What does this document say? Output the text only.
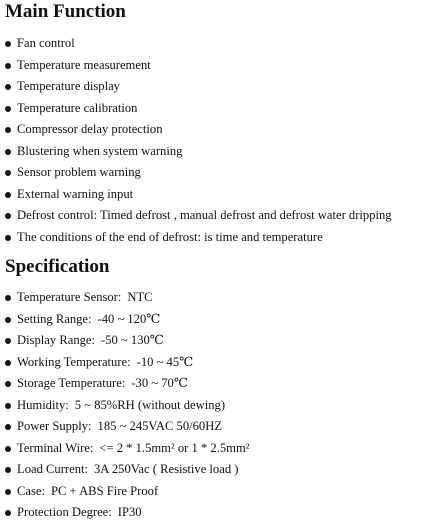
Main Function
Fan control
Temperature measurement
Temperature display
Temperature calibration
Compressor delay protection
Blustering when system warning
Sensor problem warning
External warning input
Defrost control: Timed defrost , manual defrost and defrost water dripping
The conditions of the end of defrost: is time and temperature
Specification
Temperature Sensor: NTC
Setting Range: -40 ~ 120℃
Display Range: -50 ~ 130℃
Working Temperature: -10 ~ 45℃
Storage Temperature: -30 ~ 70℃
Humidity: 5 ~ 85%RH (without dewing)
Power Supply: 185 ~ 245VAC 50/60HZ
Terminal Wire: <= 2 * 1.5mm² or 1 * 2.5mm²
Load Current: 3A 250Vac ( Resistive load )
Case: PC + ABS Fire Proof
Protection Degree: IP30
